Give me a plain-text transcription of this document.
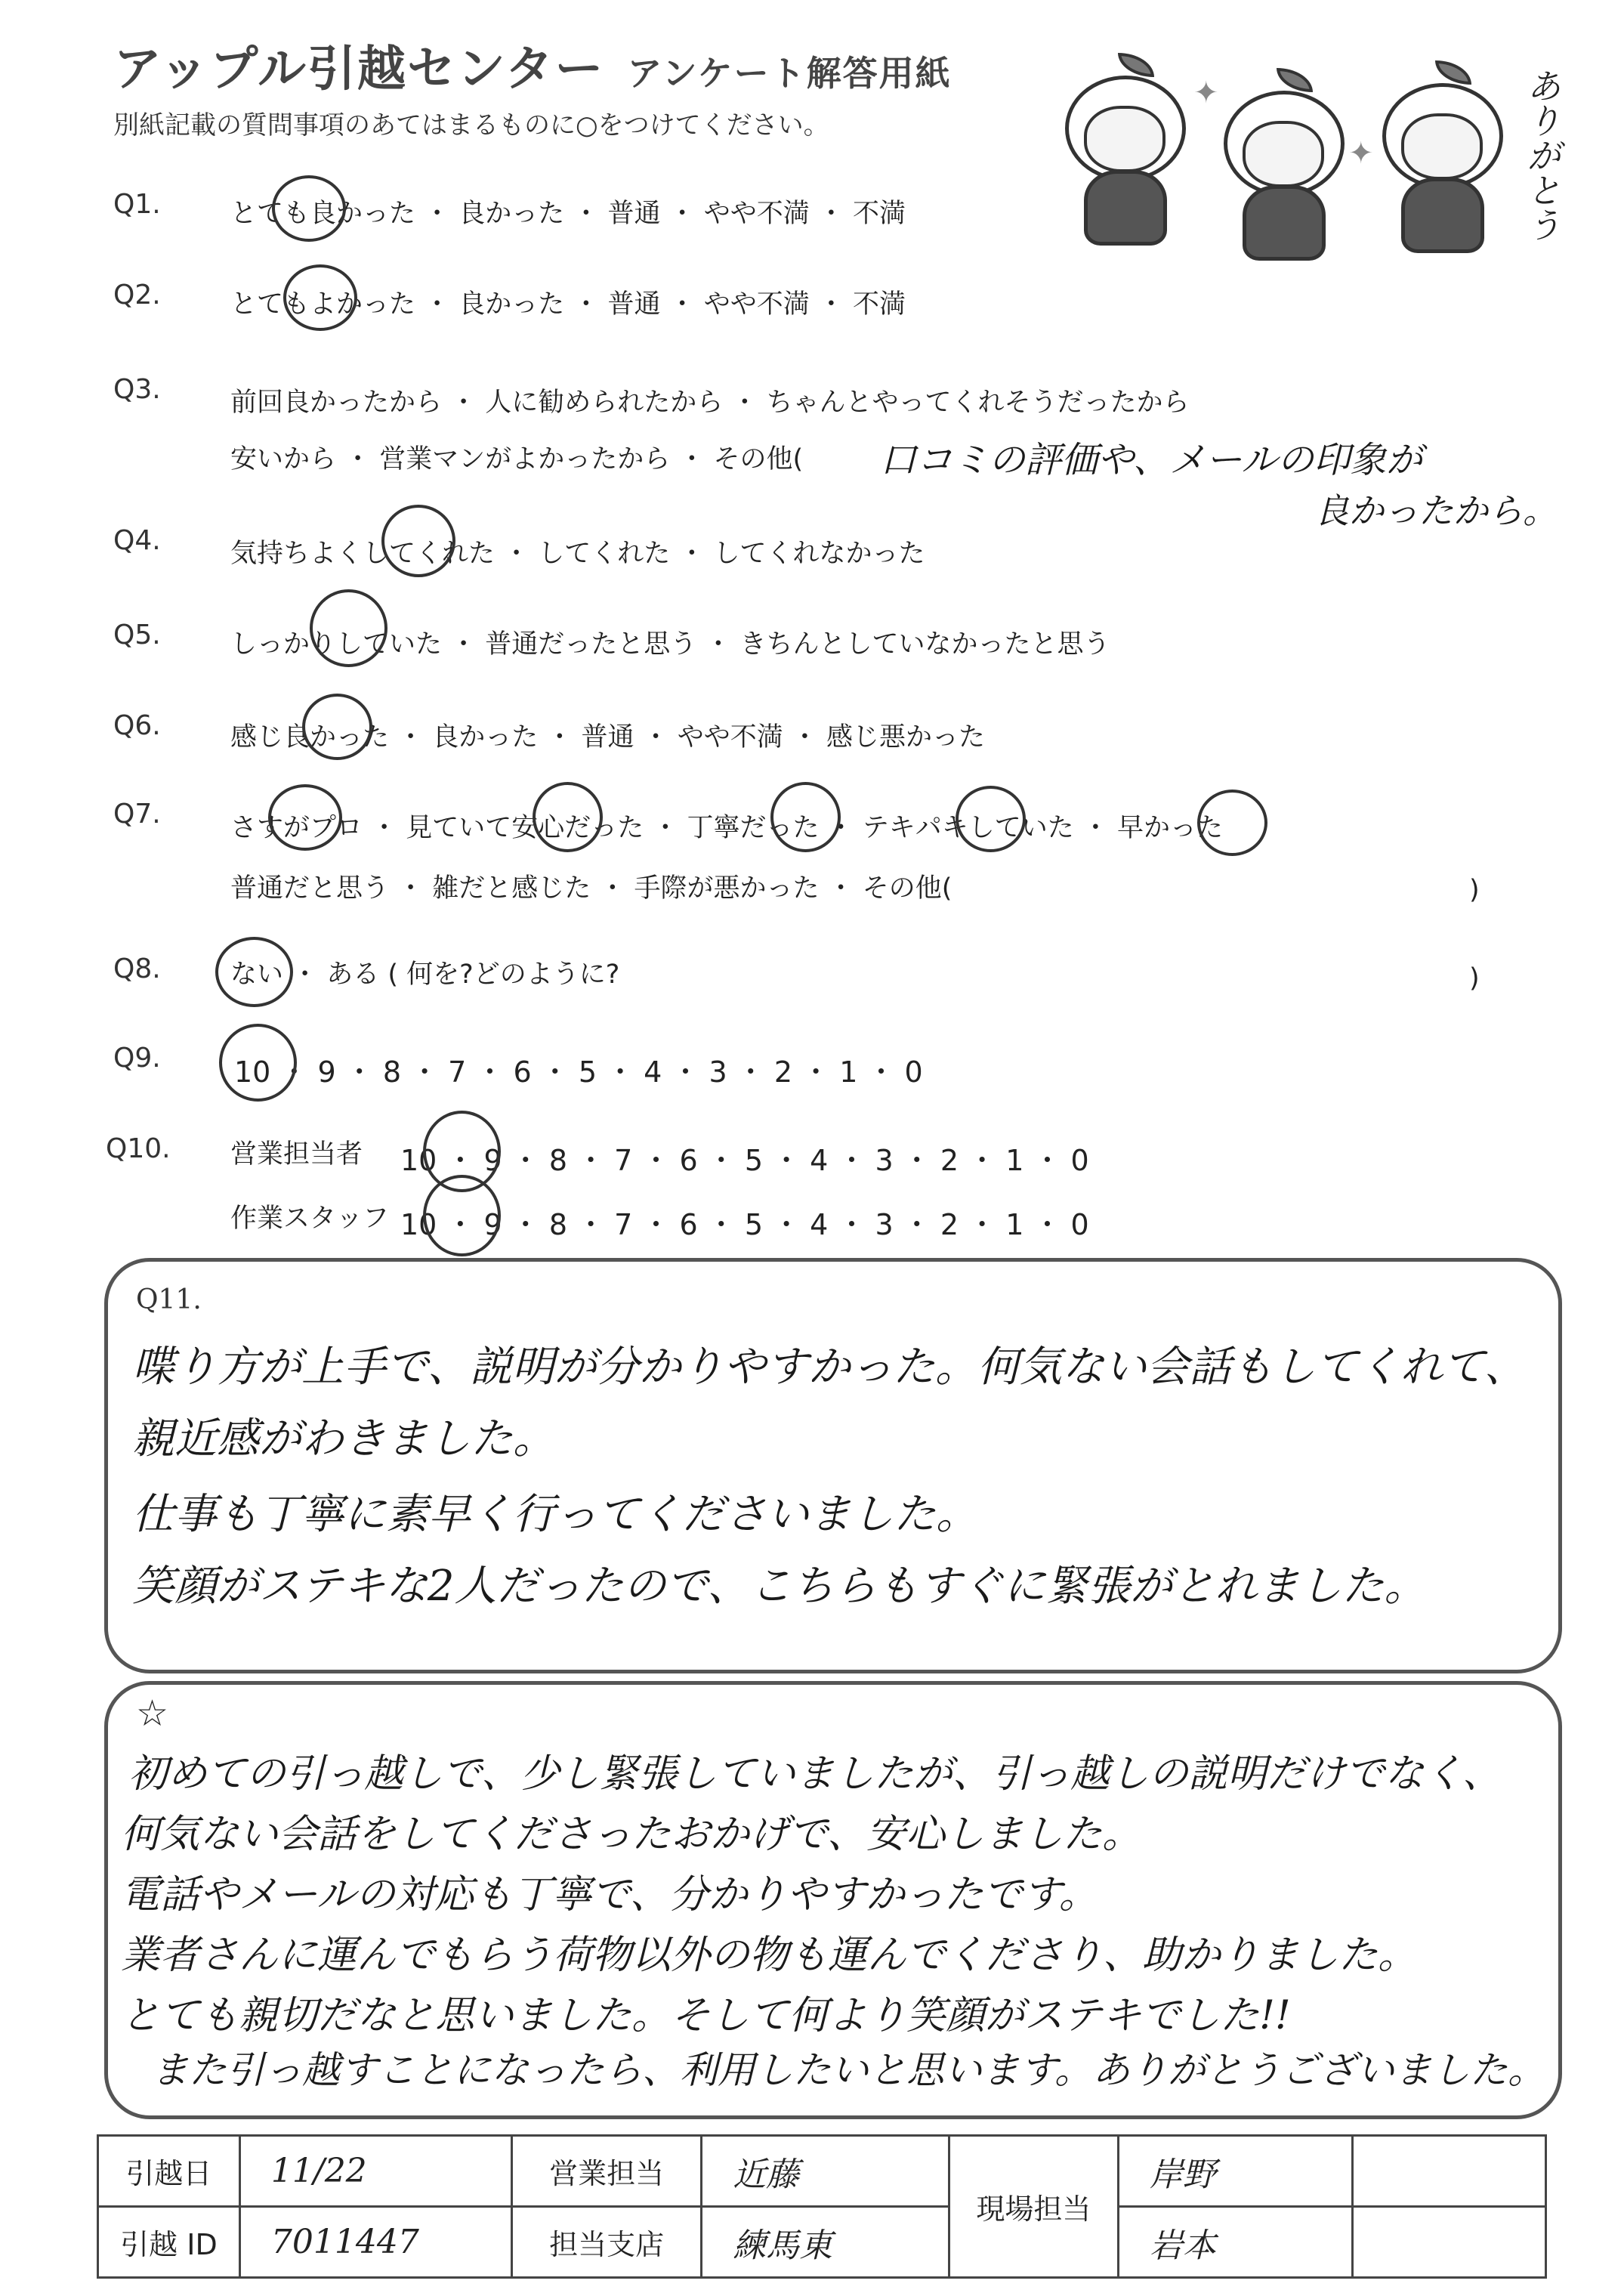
アップル引越センター アンケート解答用紙
別紙記載の質問事項のあてはまるものに○をつけてください。
✦
✦	ありがとう
Q1.	とても良かった ・ 良かった ・ 普通 ・ やや不満 ・ 不満
Q2.	とてもよかった ・ 良かった ・ 普通 ・ やや不満 ・ 不満
Q3.	前回良かったから ・ 人に勧められたから ・ ちゃんとやってくれそうだったから
安いから ・ 営業マンがよかったから ・ その他( 口コミの評価や、メールの印象が
良かったから。
Q4.	気持ちよくしてくれた ・ してくれた ・ してくれなかった
Q5.	しっかりしていた ・ 普通だったと思う ・ きちんとしていなかったと思う
Q6.	感じ良かった ・ 良かった ・ 普通 ・ やや不満 ・ 感じ悪かった
Q7.	さすがプロ ・ 見ていて安心だった ・ 丁寧だった ・ テキパキしていた ・ 早かった
普通だと思う ・ 雑だと感じた ・ 手際が悪かった ・ その他(	)
Q8.	ない ・ ある ( 何を?どのように?	)
Q9.	10 ・ 9 ・ 8 ・ 7 ・ 6 ・ 5 ・ 4 ・ 3 ・ 2 ・ 1 ・ 0
Q10. 営業担当者 10 ・ 9 ・ 8 ・ 7 ・ 6 ・ 5 ・ 4 ・ 3 ・ 2 ・ 1 ・ 0
作業スタッフ 10 ・ 9 ・ 8 ・ 7 ・ 6 ・ 5 ・ 4 ・ 3 ・ 2 ・ 1 ・ 0
Q11.
喋り方が上手で、説明が分かりやすかった。何気ない会話もしてくれて、
親近感がわきました。
仕事も丁寧に素早く行ってくださいました。
笑顔がステキな2人だったので、こちらもすぐに緊張がとれました。
☆
初めての引っ越しで、少し緊張していましたが、引っ越しの説明だけでなく、
何気ない会話をしてくださったおかげで、安心しました。
電話やメールの対応も丁寧で、分かりやすかったです。
業者さんに運んでもらう荷物以外の物も運んでくださり、助かりました。
とても親切だなと思いました。そして何より笑顔がステキでした!!
また引っ越すことになったら、利用したいと思います。ありがとうございました。
引越日	11/22	営業担当	近藤	現場担当	岸野	
引越 ID	7011447	担当支店	練馬東		岩本	
